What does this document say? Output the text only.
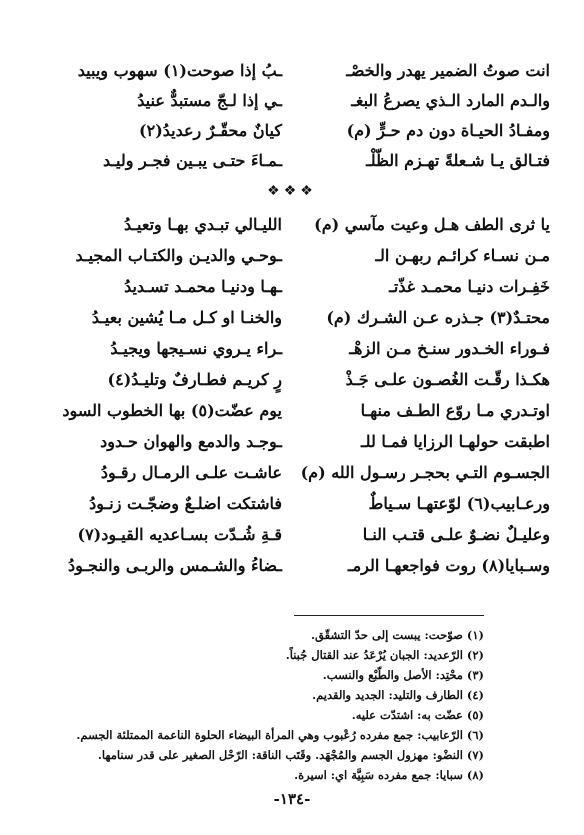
انت صوتُ الضمير يهدر والخصْـ
ـبُ إذا صوحت(١) سهوب ويبيد
والـدم المارد الـذي يصرعُ البغـ
ـي إذا لـجّ مستبدٌّ عنيدُ
ومفـادُ الحيـاة دون دم حـرٍّ (م)
كيانٌ محقّـرٌ رعديدُ(٢)
فتـالق يـا شـعلةً تهـزم الظّلْـ
ـمـاءَ حتـى يبـين فجـر وليـد
❖❖❖
يا ثرى الطف هـل وعيت مآسي (م)
الليـالي تبـدي بهـا وتعيـدُ
مـن نسـاء كرائـم ربهـن الـ
ـوحـي والديـن والكتـاب المجيـد
خَفِـرات دنيـا محمـد غذّتـ
ـهـا ودنيـا محمـد تسـديدُ
محتـدٌ(٣) جـذره عـن الشـرك (م)
والخنـا او كـل مـا يُشين بعيـدُ
فـوراء الخـدور سنـخ مـن الزهْـ
ـراء يـروي نسـيجها ويجيـدُ
هكـذا رقّـت الغُصـون علـى جَـذْ
رٍ كريـم فطـارفٌ وتليـدُ(٤)
اوتـدري مـا روّع الطـف منهـا
يوم عضّت(٥) بها الخطوب السود
اطبقت حولهـا الرزايا فمـا للـ
ـوجـد والدمع والهوان حـدود
الجسـوم التـي بحجـر رسـول الله (م)
عاشـت علـى الرمـال رقـودُ
ورعـابيب(٦) لوّعتهـا سـياطٌ
فاشتكت اضلـعٌ وضجّـت زنـودُ
وعليـلٌ نضـوٌ علـى قتـب النـا
قـةِ شُـدّت بسـاعديه القيـود(٧)
وسـبايا(٨) روت فواجعهـا الرمـ
ـضاءُ والشـمس والربـى والنجـودُ
(١) صوّحت: يبست إلى حدّ التشقّق.
(٢) الرّعديد: الجبان يُرْعَدُ عند القتال جُبناً.
(٣) محْتِد: الأصل والطّبْع والنسب.
(٤) الطارف والتليد: الجديد والقديم.
(٥) عضّت به: اشتدّت عليه.
(٦) الرّعابيب: جمع مفرده رُعْبوب وهي المرأة البيضاء الحلوة الناعمة الممتلئة الجسم.
(٧) النضْو: مهزول الجسم والمُجْهَد. وقَتَب الناقة: الرّحْل الصغير على قدر سنامها.
(٨) سبايا: جمع مفرده سَبِيَّة اي: اسيرة.
-١٣٤-
